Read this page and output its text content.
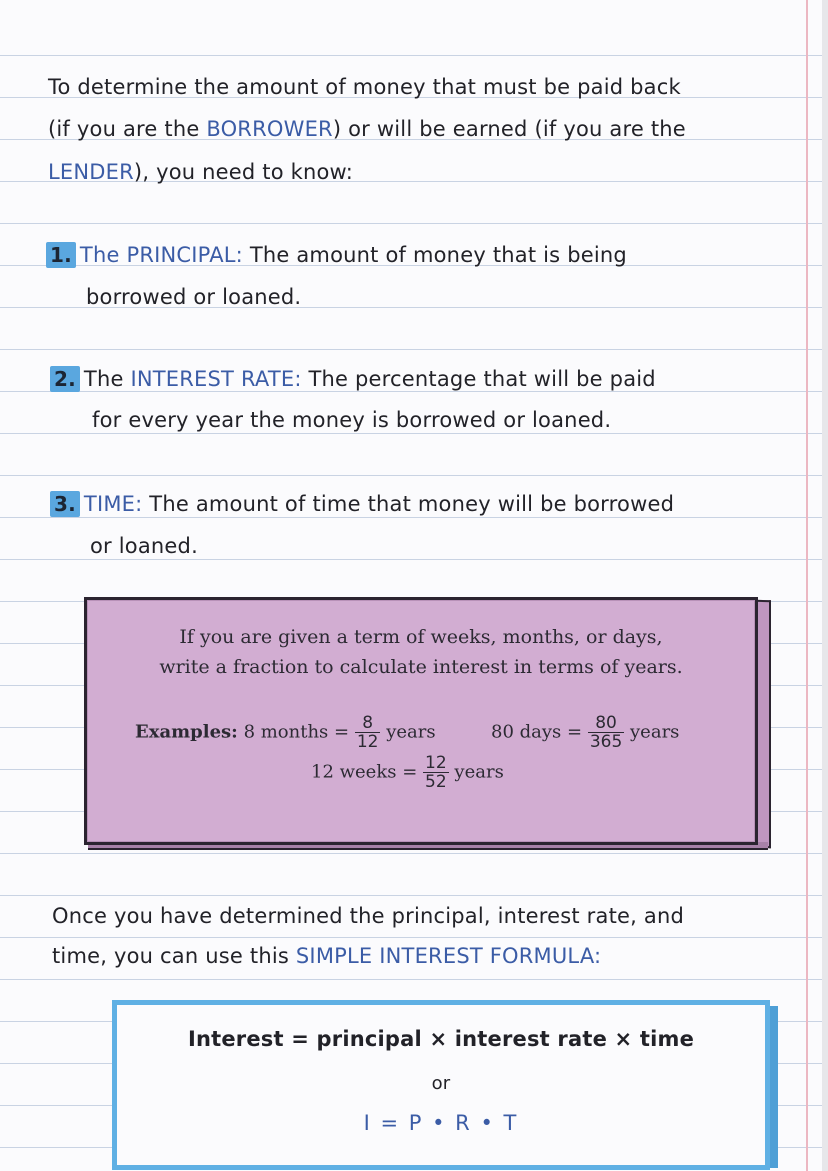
To determine the amount of money that must be paid back
(if you are the BORROWER) or will be earned (if you are the
LENDER), you need to know:
1. The PRINCIPAL: The amount of money that is being
borrowed or loaned.
2. The INTEREST RATE: The percentage that will be paid
for every year the money is borrowed or loaned.
3. TIME: The amount of time that money will be borrowed
or loaned.
If you are given a term of weeks, months, or days,
write a fraction to calculate interest in terms of years.
Examples: 8 months = $\frac{8}{12}$ years	80 days = $\frac{80}{365}$ years
12 weeks = $\frac{12}{52}$ years
Once you have determined the principal, interest rate, and
time, you can use this SIMPLE INTEREST FORMULA:
Interest = principal × interest rate × time
or
I = P • R • T
